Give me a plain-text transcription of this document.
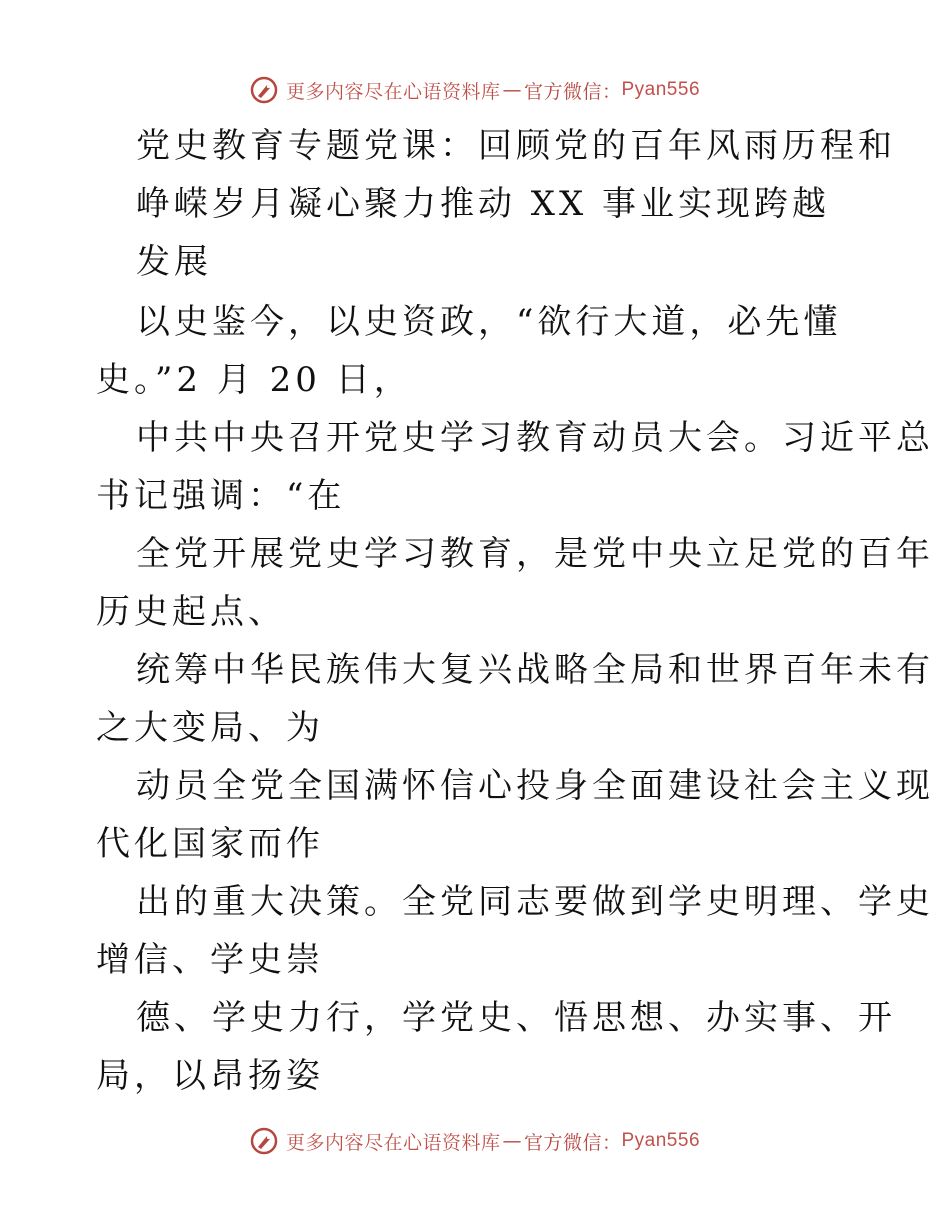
更多内容尽在心语资料库 — 官方微信： Pyan556
党史教育专题党课：回顾党的百年风雨历程和
峥嵘岁月凝心聚力推动 XX 事业实现跨越
发展
以史鉴今，以史资政，“欲行大道，必先懂
史。”2 月 20 日，
中共中央召开党史学习教育动员大会。习近平总
书记强调：“在
全党开展党史学习教育，是党中央立足党的百年
历史起点、
统筹中华民族伟大复兴战略全局和世界百年未有
之大变局、为
动员全党全国满怀信心投身全面建设社会主义现
代化国家而作
出的重大决策。全党同志要做到学史明理、学史
增信、学史崇
德、学史力行，学党史、悟思想、办实事、开
局，以昂扬姿
更多内容尽在心语资料库 — 官方微信： Pyan556
